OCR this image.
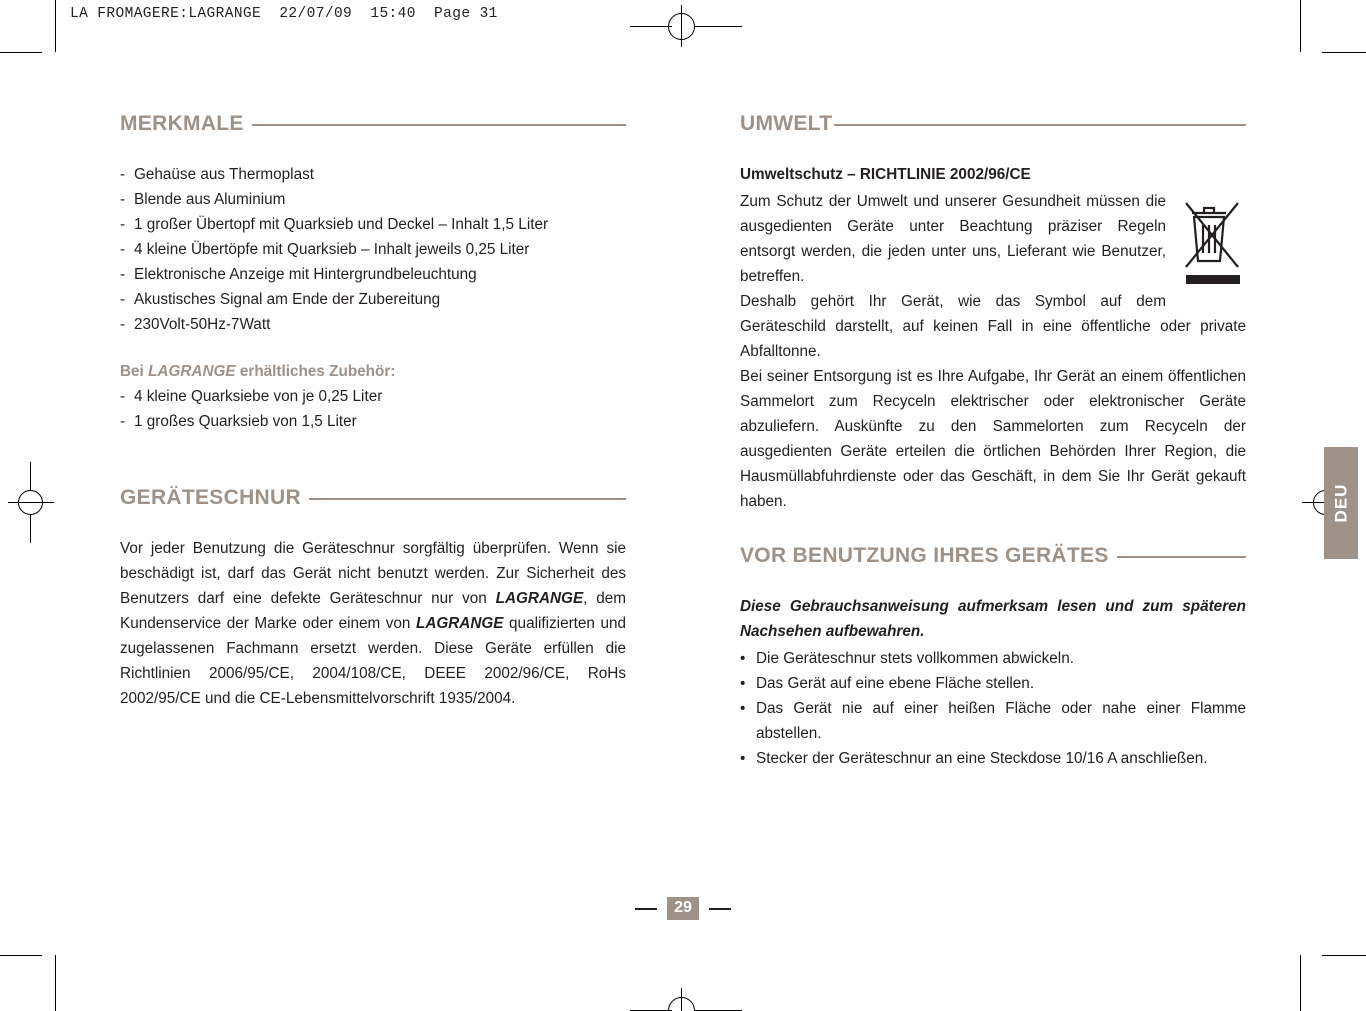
LA FROMAGERE:LAGRANGE  22/07/09  15:40  Page 31
MERKMALE
- Gehaüse aus Thermoplast
- Blende aus Aluminium
- 1 großer Übertopf mit Quarksieb und Deckel – Inhalt 1,5 Liter
- 4 kleine Übertöpfe mit Quarksieb – Inhalt jeweils 0,25 Liter
- Elektronische Anzeige mit Hintergrundbeleuchtung
- Akustisches Signal am Ende der Zubereitung
- 230Volt-50Hz-7Watt

Bei LAGRANGE erhältliches Zubehör:

- 4 kleine Quarksiebe von je 0,25 Liter
- 1 großes Quarksieb von 1,5 Liter
GERÄTESCHNUR

Vor jeder Benutzung die Geräteschnur sorgfältig überprüfen. Wenn sie beschädigt ist, darf das Gerät nicht benutzt werden. Zur Sicherheit des Benutzers darf eine defekte Geräteschnur nur von LAGRANGE, dem Kundenservice der Marke oder einem von LAGRANGE qualifizierten und zugelassenen Fachmann ersetzt werden. Diese Geräte erfüllen die Richtlinien 2006/95/CE, 2004/108/CE, DEEE 2002/96/CE, RoHs 2002/95/CE und die CE-Lebensmittelvorschrift 1935/2004.

UMWELT

Umweltschutz – RICHTLINIE 2002/96/CE

Zum Schutz der Umwelt und unserer Gesundheit müssen die ausgedienten Geräte unter Beachtung präziser Regeln entsorgt werden, die jeden unter uns, Lieferant wie Benutzer, betreffen.

Deshalb gehört Ihr Gerät, wie das Symbol auf dem Geräteschild darstellt, auf keinen Fall in eine öffentliche oder private Abfalltonne.

Bei seiner Entsorgung ist es Ihre Aufgabe, Ihr Gerät an einem öffentlichen Sammelort zum Recyceln elektrischer oder elektronischer Geräte abzuliefern. Auskünfte zu den Sammelorten zum Recyceln der ausgedienten Geräte erteilen die örtlichen Behörden Ihrer Region, die Hausmüllabfuhrdienste oder das Geschäft, in dem Sie Ihr Gerät gekauft haben.

VOR BENUTZUNG IHRES GERÄTES

Diese Gebrauchsanweisung aufmerksam lesen und zum späteren Nachsehen aufbewahren.

• Die Geräteschnur stets vollkommen abwickeln.
• Das Gerät auf eine ebene Fläche stellen.
• Das Gerät nie auf einer heißen Fläche oder nahe einer Flamme abstellen.
• Stecker der Geräteschnur an eine Steckdose 10/16 A anschließen.
DEU
29
